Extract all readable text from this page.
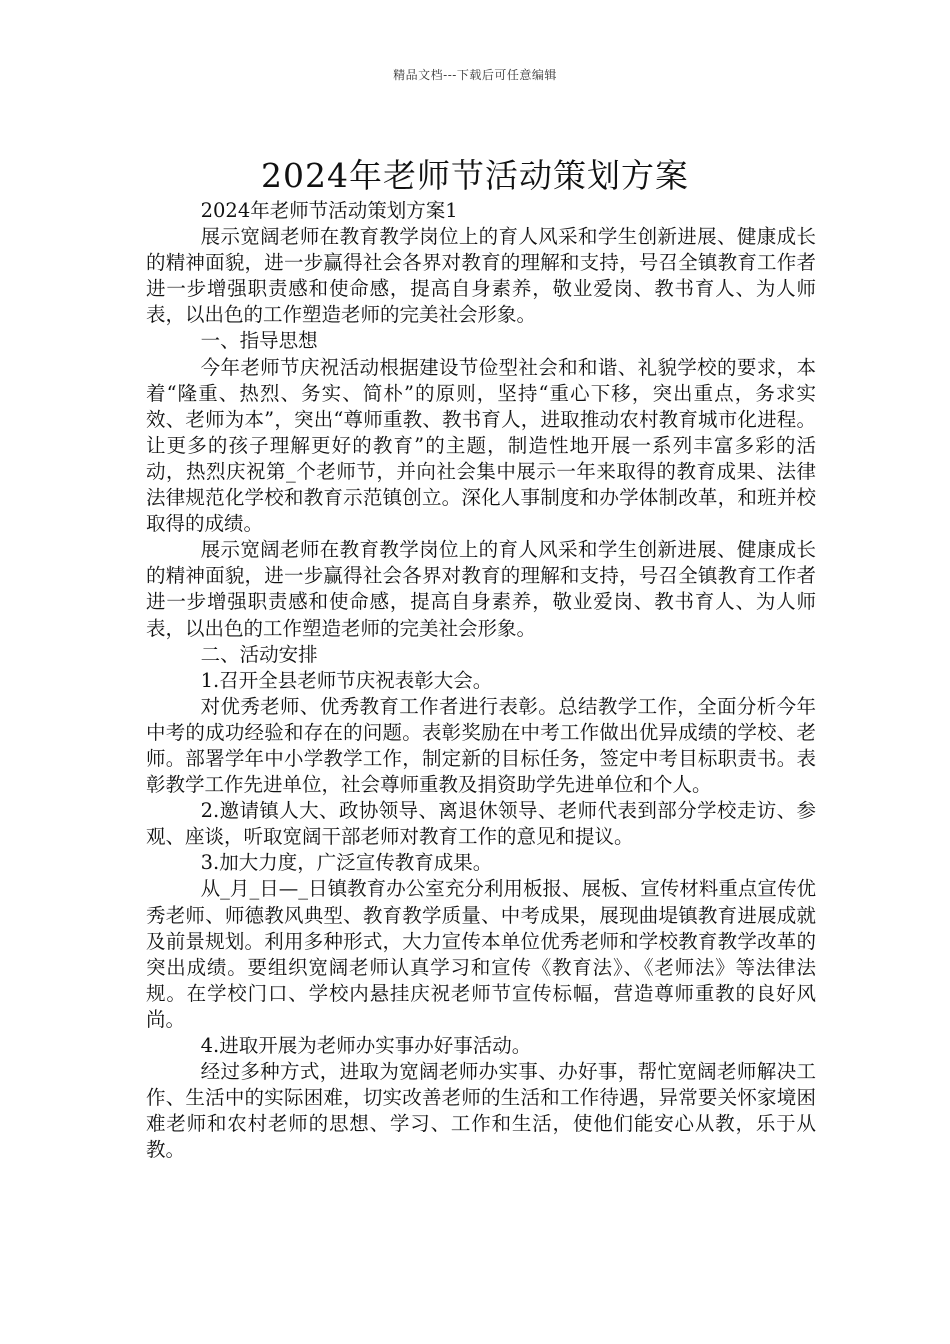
精品文档---下载后可任意编辑
2024年老师节活动策划方案

2024年老师节活动策划方案1

展示宽阔老师在教育教学岗位上的育人风采和学生创新进展、健康成长的精神面貌，进一步赢得社会各界对教育的理解和支持，号召全镇教育工作者进一步增强职责感和使命感，提高自身素养，敬业爱岗、教书育人、为人师表，以出色的工作塑造老师的完美社会形象。

一、指导思想

今年老师节庆祝活动根据建设节俭型社会和和谐、礼貌学校的要求，本着“隆重、热烈、务实、简朴”的原则，坚持“重心下移，突出重点，务求实效、老师为本”，突出“尊师重教、教书育人，进取推动农村教育城市化进程。让更多的孩子理解更好的教育”的主题，制造性地开展一系列丰富多彩的活动，热烈庆祝第_个老师节，并向社会集中展示一年来取得的教育成果、法律法律规范化学校和教育示范镇创立。深化人事制度和办学体制改革，和班并校取得的成绩。

展示宽阔老师在教育教学岗位上的育人风采和学生创新进展、健康成长的精神面貌，进一步赢得社会各界对教育的理解和支持，号召全镇教育工作者进一步增强职责感和使命感，提高自身素养，敬业爱岗、教书育人、为人师表，以出色的工作塑造老师的完美社会形象。

二、活动安排

1.召开全县老师节庆祝表彰大会。

对优秀老师、优秀教育工作者进行表彰。总结教学工作，全面分析今年中考的成功经验和存在的问题。表彰奖励在中考工作做出优异成绩的学校、老师。部署学年中小学教学工作，制定新的目标任务，签定中考目标职责书。表彰教学工作先进单位，社会尊师重教及捐资助学先进单位和个人。

2.邀请镇人大、政协领导、离退休领导、老师代表到部分学校走访、参观、座谈，听取宽阔干部老师对教育工作的意见和提议。

3.加大力度，广泛宣传教育成果。

从_月_日—_日镇教育办公室充分利用板报、展板、宣传材料重点宣传优秀老师、师德教风典型、教育教学质量、中考成果，展现曲堤镇教育进展成就及前景规划。利用多种形式，大力宣传本单位优秀老师和学校教育教学改革的突出成绩。要组织宽阔老师认真学习和宣传《教育法》、《老师法》等法律法规。在学校门口、学校内悬挂庆祝老师节宣传标幅，营造尊师重教的良好风尚。

4.进取开展为老师办实事办好事活动。

经过多种方式，进取为宽阔老师办实事、办好事，帮忙宽阔老师解决工作、生活中的实际困难，切实改善老师的生活和工作待遇，异常要关怀家境困难老师和农村老师的思想、学习、工作和生活，使他们能安心从教，乐于从教。
